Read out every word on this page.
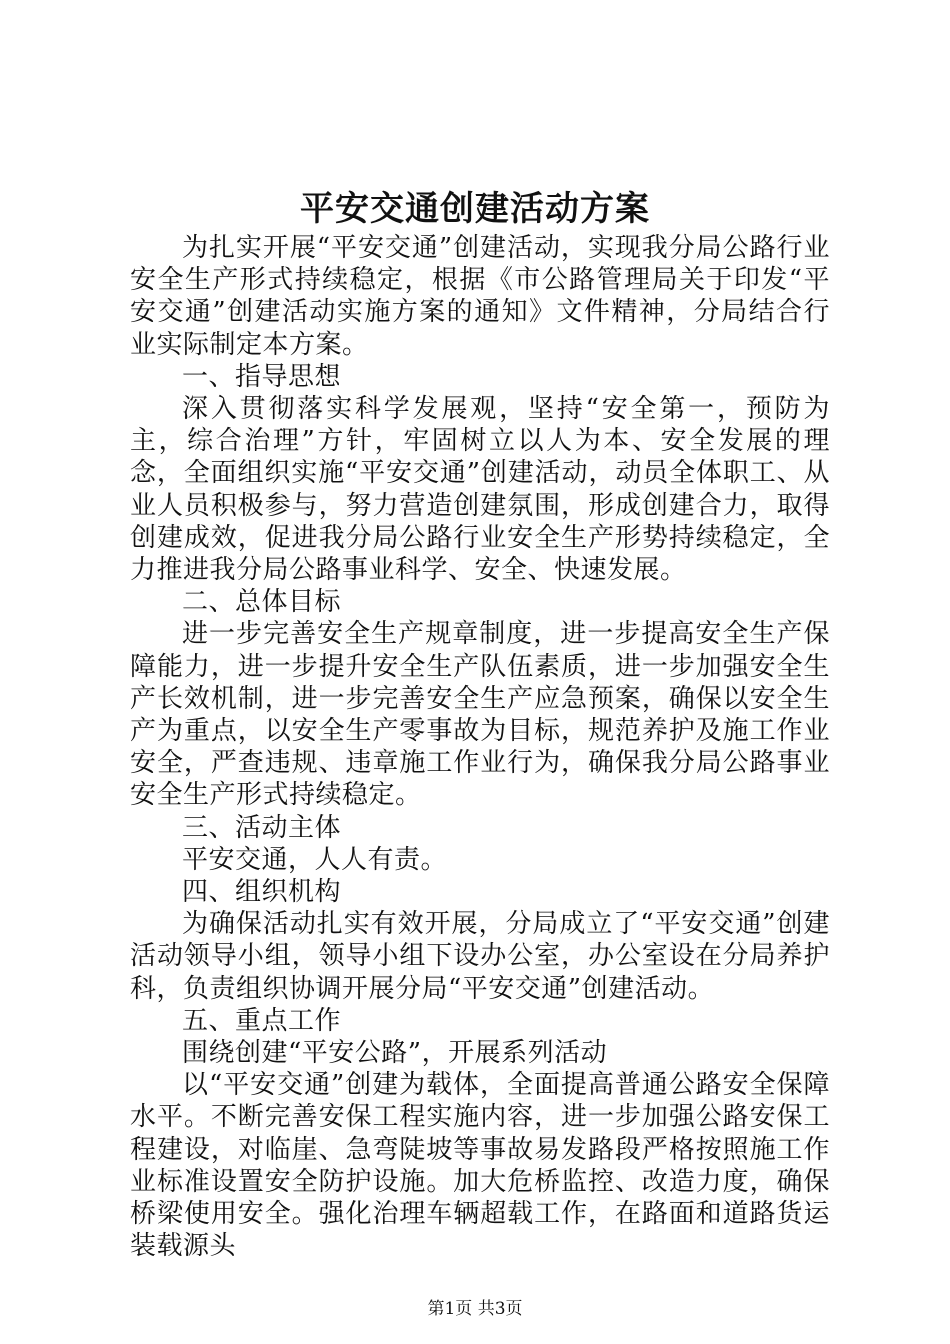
平安交通创建活动方案

为扎实开展“平安交通”创建活动，实现我分局公路行业安全生产形式持续稳定，根据《市公路管理局关于印发“平安交通”创建活动实施方案的通知》文件精神，分局结合行业实际制定本方案。

一、指导思想

深入贯彻落实科学发展观，坚持“安全第一，预防为主，综合治理”方针，牢固树立以人为本、安全发展的理念，全面组织实施“平安交通”创建活动，动员全体职工、从业人员积极参与，努力营造创建氛围，形成创建合力，取得创建成效，促进我分局公路行业安全生产形势持续稳定，全力推进我分局公路事业科学、安全、快速发展。

二、总体目标

进一步完善安全生产规章制度，进一步提高安全生产保障能力，进一步提升安全生产队伍素质，进一步加强安全生产长效机制，进一步完善安全生产应急预案，确保以安全生产为重点，以安全生产零事故为目标，规范养护及施工作业安全，严查违规、违章施工作业行为，确保我分局公路事业安全生产形式持续稳定。

三、活动主体

平安交通，人人有责。

四、组织机构

为确保活动扎实有效开展，分局成立了“平安交通”创建活动领导小组，领导小组下设办公室，办公室设在分局养护科，负责组织协调开展分局“平安交通”创建活动。

五、重点工作

围绕创建“平安公路”，开展系列活动

以“平安交通”创建为载体，全面提高普通公路安全保障水平。不断完善安保工程实施内容，进一步加强公路安保工程建设，对临崖、急弯陡坡等事故易发路段严格按照施工作业标准设置安全防护设施。加大危桥监控、改造力度，确保桥梁使用安全。强化治理车辆超载工作，在路面和道路货运装载源头

第1页 共3页
